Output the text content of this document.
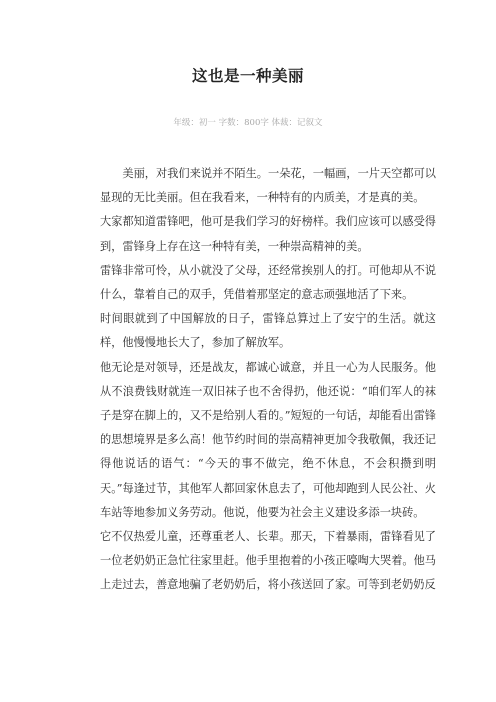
这也是一种美丽
年级：初一 字数：800字 体裁：记叙文

美丽，对我们来说并不陌生。一朵花，一幅画，一片天空都可以显现的无比美丽。但在我看来，一种特有的内质美，才是真的美。

大家都知道雷锋吧，他可是我们学习的好榜样。我们应该可以感受得到，雷锋身上存在这一种特有美，一种崇高精神的美。

雷锋非常可怜，从小就没了父母，还经常挨别人的打。可他却从不说什么，靠着自己的双手，凭借着那坚定的意志顽强地活了下来。

时间眼就到了中国解放的日子，雷锋总算过上了安宁的生活。就这样，他慢慢地长大了，参加了解放军。

他无论是对领导，还是战友，都诚心诚意，并且一心为人民服务。他从不浪费钱财就连一双旧袜子也不舍得扔，他还说：“咱们军人的袜子是穿在脚上的，又不是给别人看的。”短短的一句话，却能看出雷锋的思想境界是多么高！他节约时间的崇高精神更加令我敬佩，我还记得他说话的语气：“今天的事不做完，绝不休息，不会积攒到明天。”每逢过节，其他军人都回家休息去了，可他却跑到人民公社、火车站等地参加义务劳动。他说，他要为社会主义建设多添一块砖。

它不仅热爱儿童，还尊重老人、长辈。那天，下着暴雨，雷锋看见了一位老奶奶正急忙往家里赶。他手里抱着的小孩正嚎啕大哭着。他马上走过去，善意地骗了老奶奶后，将小孩送回了家。可等到老奶奶反
